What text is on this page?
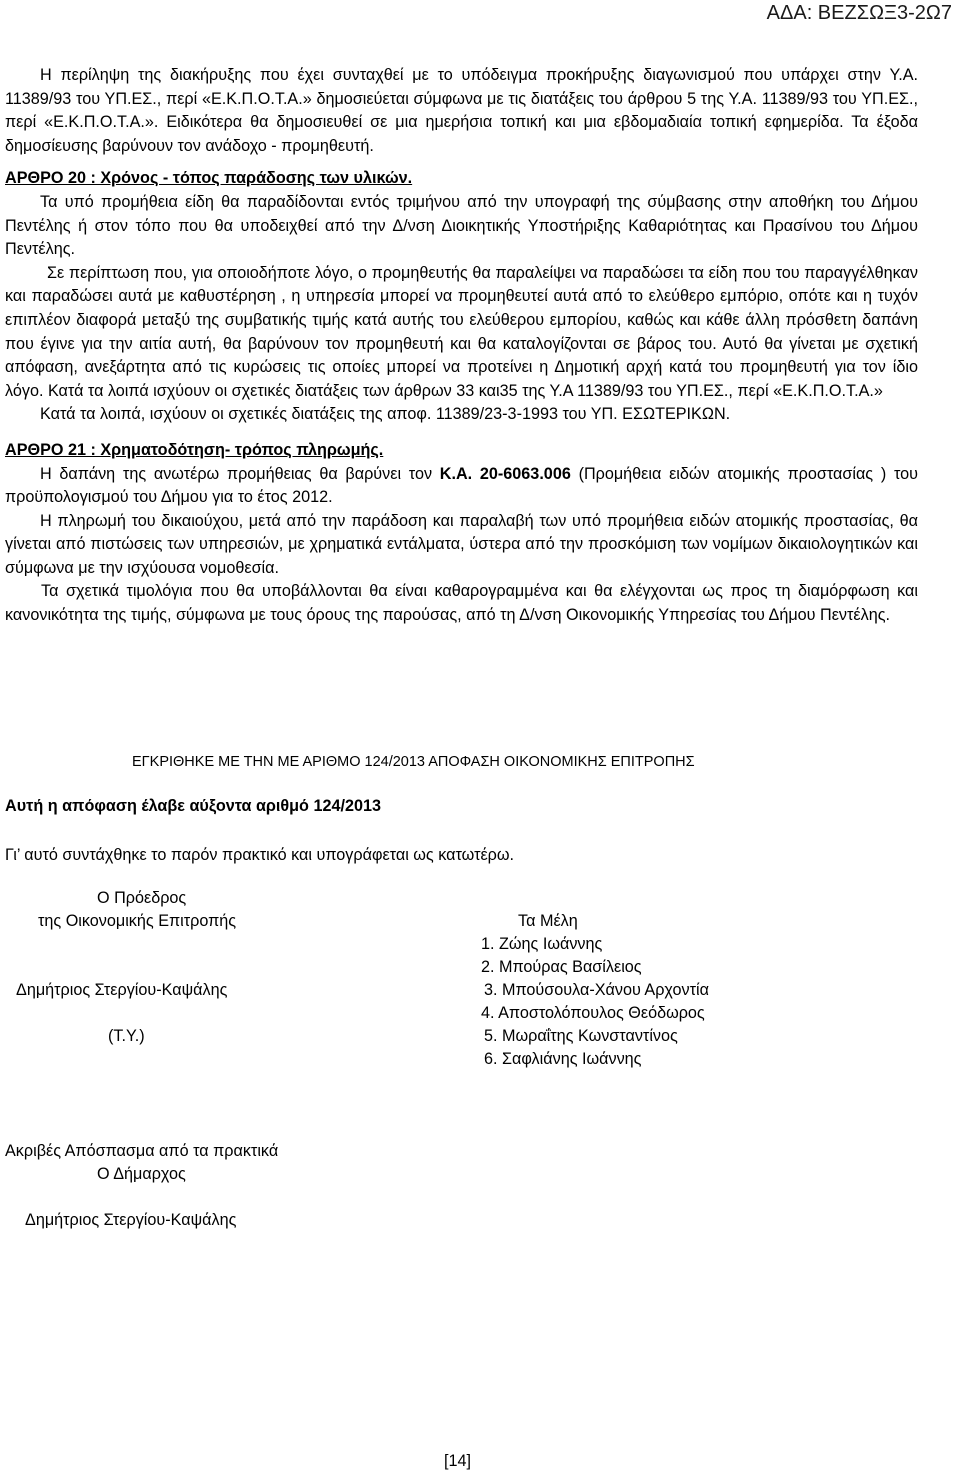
ΑΔΑ: ΒΕΖΣΩΞ3-2Ω7

Η περίληψη της διακήρυξης που έχει συνταχθεί με το υπόδειγμα προκήρυξης διαγωνισμού που υπάρχει στην Υ.Α. 11389/93 του ΥΠ.ΕΣ., περί «Ε.Κ.Π.Ο.Τ.Α.» δημοσιεύεται σύμφωνα με τις διατάξεις του άρθρου 5 της Υ.Α. 11389/93 του ΥΠ.ΕΣ., περί «Ε.Κ.Π.Ο.Τ.Α.». Ειδικότερα θα δημοσιευθεί σε μια ημερήσια τοπική και μια εβδομαδιαία τοπική εφημερίδα. Τα έξοδα δημοσίευσης βαρύνουν τον ανάδοχο - προμηθευτή.

ΑΡΘΡΟ 20 : Χρόνος - τόπος παράδοσης των υλικών.

Τα υπό προμήθεια είδη θα παραδίδονται εντός τριμήνου από την υπογραφή της σύμβασης στην αποθήκη του Δήμου Πεντέλης ή στον τόπο που θα υποδειχθεί από την Δ/νση Διοικητικής Υποστήριξης Καθαριότητας και Πρασίνου του Δήμου Πεντέλης.

Σε περίπτωση που, για οποιοδήποτε λόγο, ο προμηθευτής θα παραλείψει να παραδώσει τα είδη που του παραγγέλθηκαν και παραδώσει αυτά με καθυστέρηση , η υπηρεσία μπορεί να προμηθευτεί αυτά από το ελεύθερο εμπόριο, οπότε και η τυχόν επιπλέον διαφορά μεταξύ της συμβατικής τιμής κατά αυτής του ελεύθερου εμπορίου, καθώς και κάθε άλλη πρόσθετη δαπάνη που έγινε για την αιτία αυτή, θα βαρύνουν τον προμηθευτή και θα καταλογίζονται σε βάρος του. Αυτό θα γίνεται με σχετική απόφαση, ανεξάρτητα από τις κυρώσεις τις οποίες μπορεί να προτείνει η Δημοτική αρχή κατά του προμηθευτή για τον ίδιο λόγο. Κατά τα λοιπά ισχύουν οι σχετικές διατάξεις των άρθρων 33 και35 της Υ.Α 11389/93 του ΥΠ.ΕΣ., περί «Ε.Κ.Π.Ο.Τ.Α.»

Κατά τα λοιπά, ισχύουν οι σχετικές διατάξεις της αποφ. 11389/23-3-1993 του ΥΠ. ΕΣΩΤΕΡΙΚΩΝ.

ΑΡΘΡΟ 21 : Χρηματοδότηση- τρόπος πληρωμής.

Η δαπάνη της ανωτέρω προμήθειας θα βαρύνει τον Κ.Α. 20-6063.006 (Προμήθεια ειδών ατομικής προστασίας ) του προϋπολογισμού του Δήμου για το έτος 2012.

Η πληρωμή του δικαιούχου, μετά από την παράδοση και παραλαβή των υπό προμήθεια ειδών ατομικής προστασίας, θα γίνεται από πιστώσεις των υπηρεσιών, με χρηματικά εντάλματα, ύστερα από την προσκόμιση των νομίμων δικαιολογητικών και σύμφωνα με την ισχύουσα νομοθεσία.

Τα σχετικά τιμολόγια που θα υποβάλλονται θα είναι καθαρογραμμένα και θα ελέγχονται ως προς τη διαμόρφωση και κανονικότητα της τιμής, σύμφωνα με τους όρους της παρούσας, από τη Δ/νση Οικονομικής Υπηρεσίας του Δήμου Πεντέλης.

ΕΓΚΡΙΘΗΚΕ ΜΕ ΤΗΝ ΜΕ ΑΡΙΘΜΟ 124/2013 ΑΠΟΦΑΣΗ ΟΙΚΟΝΟΜΙΚΗΣ ΕΠΙΤΡΟΠΗΣ
Αυτή η απόφαση έλαβε αύξοντα αριθμό 124/2013
Γι’ αυτό συντάχθηκε το παρόν πρακτικό και υπογράφεται ως κατωτέρω.
Ο Πρόεδρος
της Οικονομικής Επιτροπής
Δημήτριος Στεργίου-Καψάλης
(Τ.Υ.)
Τα Μέλη
1. Ζώης Ιωάννης
2. Μπούρας Βασίλειος
3. Μπούσουλα-Χάνου Αρχοντία
4. Αποστολόπουλος Θεόδωρος
5. Μωραΐτης Κωνσταντίνος
6. Σαφλιάνης Ιωάννης
Ακριβές Απόσπασμα από τα πρακτικά
Ο Δήμαρχος
Δημήτριος Στεργίου-Καψάλης
[14]
